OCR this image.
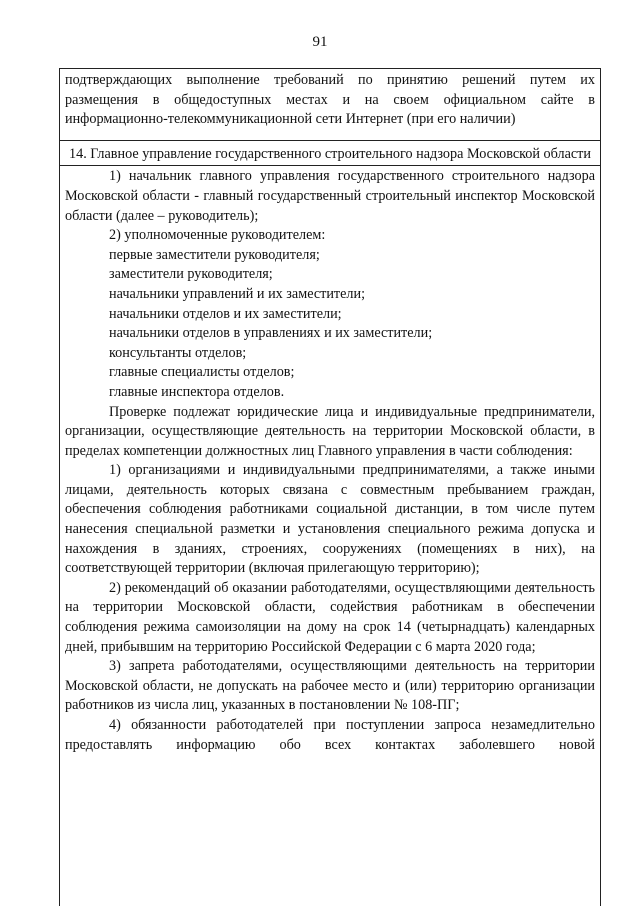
91

подтверждающих выполнение требований по принятию решений путем их размещения в общедоступных местах и на своем официальном сайте в информационно-телекоммуникационной сети Интернет (при его наличии)

14. Главное управление государственного строительного надзора Московской области

1) начальник главного управления государственного строительного надзора Московской области - главный государственный строительный инспектор Московской области (далее – руководитель);

2) уполномоченные руководителем:

первые заместители руководителя;

заместители руководителя;

начальники управлений и их заместители;

начальники отделов и их заместители;

начальники отделов в управлениях и их заместители;

консультанты отделов;

главные специалисты отделов;

главные инспектора отделов.

Проверке подлежат юридические лица и индивидуальные предприниматели, организации, осуществляющие деятельность на территории Московской области, в пределах компетенции должностных лиц Главного управления в части соблюдения:

1) организациями и индивидуальными предпринимателями, а также иными лицами, деятельность которых связана с совместным пребыванием граждан, обеспечения соблюдения работниками социальной дистанции, в том числе путем нанесения специальной разметки и установления специального режима допуска и нахождения в зданиях, строениях, сооружениях (помещениях в них), на соответствующей территории (включая прилегающую территорию);

2) рекомендаций об оказании работодателями, осуществляющими деятельность на территории Московской области, содействия работникам в обеспечении соблюдения режима самоизоляции на дому на срок 14 (четырнадцать) календарных дней, прибывшим на территорию Российской Федерации с 6 марта 2020 года;

3) запрета работодателями, осуществляющими деятельность на территории Московской области, не допускать на рабочее место и (или) территорию организации работников из числа лиц, указанных в постановлении № 108-ПГ;

4) обязанности работодателей при поступлении запроса незамедлительно предоставлять информацию обо всех контактах заболевшего новой
